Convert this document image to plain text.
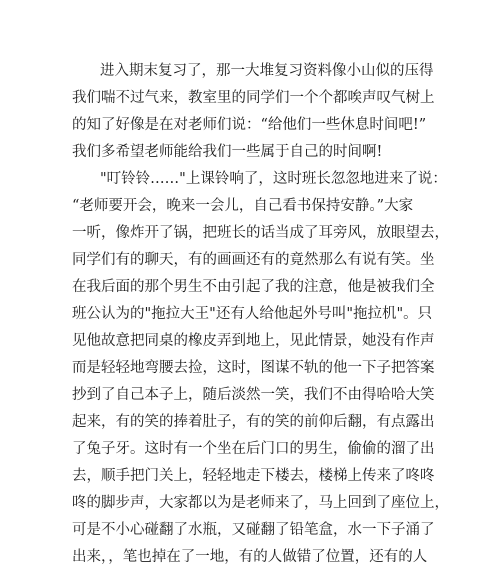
进入期末复习了，那一大堆复习资料像小山似的压得
我们喘不过气来，教室里的同学们一个个都唉声叹气树上
的知了好像是在对老师们说：“给他们一些休息时间吧!”
我们多希望老师能给我们一些属于自己的时间啊!
"叮铃铃……"上课铃响了，这时班长忽忽地进来了说：
“老师要开会，晚来一会儿，自己看书保持安静。”大家
一听，像炸开了锅，把班长的话当成了耳旁风，放眼望去，
同学们有的聊天，有的画画还有的竟然那么有说有笑。坐
在我后面的那个男生不由引起了我的注意，他是被我们全
班公认为的"拖拉大王"还有人给他起外号叫"拖拉机"。只
见他故意把同桌的橡皮弄到地上，见此情景，她没有作声
而是轻轻地弯腰去捡，这时，图谋不轨的他一下子把答案
抄到了自己本子上，随后淡然一笑，我们不由得哈哈大笑
起来，有的笑的捧着肚子，有的笑的前仰后翻，有点露出
了兔子牙。这时有一个坐在后门口的男生，偷偷的溜了出
去，顺手把门关上，轻轻地走下楼去，楼梯上传来了咚咚
咚的脚步声，大家都以为是老师来了，马上回到了座位上，
可是不小心碰翻了水瓶，又碰翻了铅笔盒，水一下子涌了
出来，，笔也掉在了一地，有的人做错了位置，还有的人
